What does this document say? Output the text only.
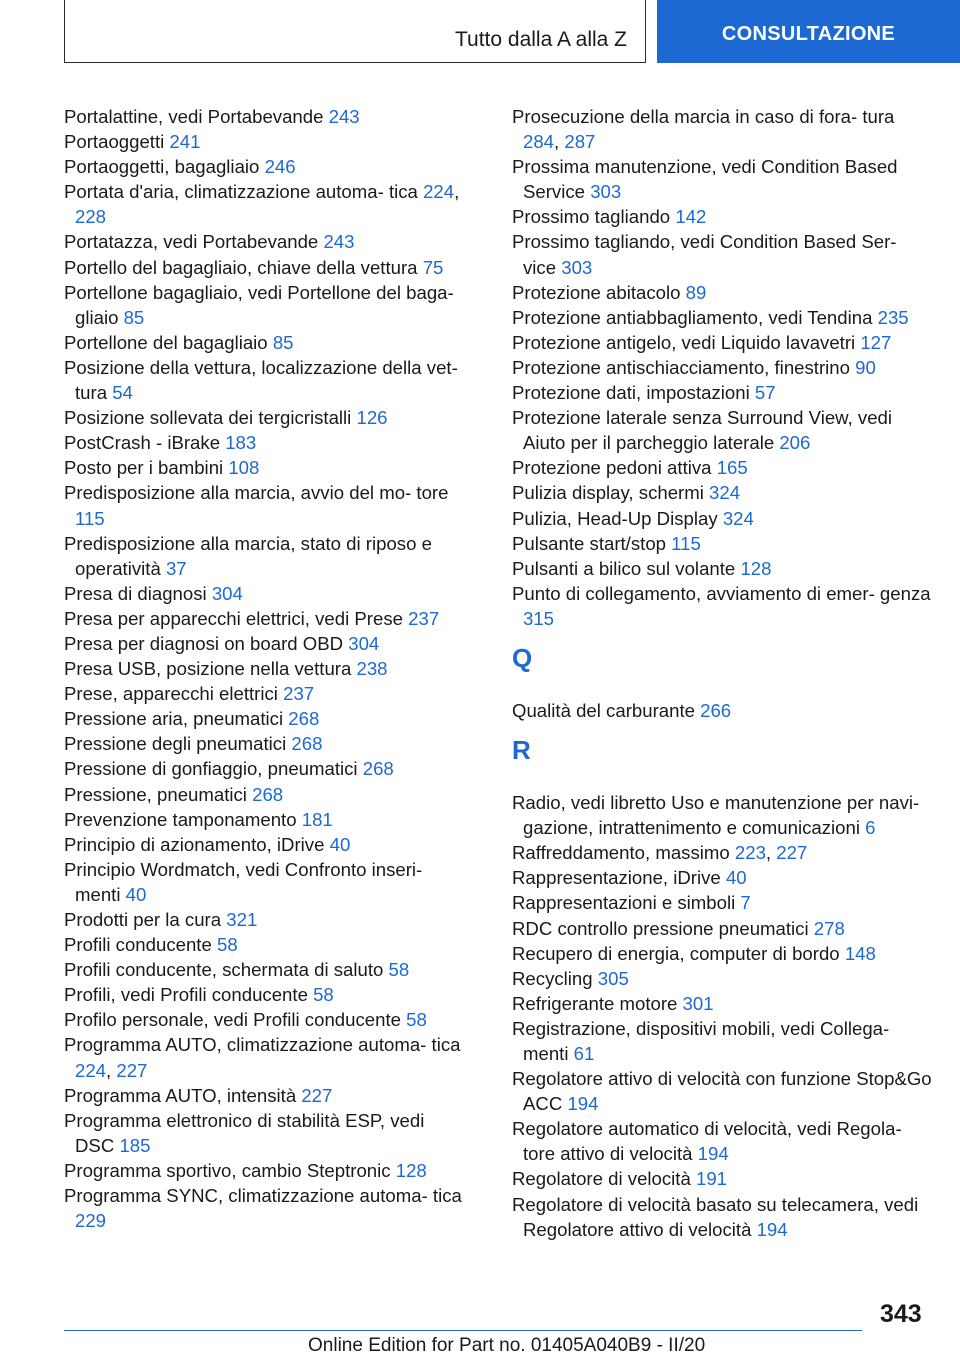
Tutto dalla A alla Z	CONSULTAZIONE
Portalattine, vedi Portabevande 243
Portaoggetti 241
Portaoggetti, bagagliaio 246
Portata d'aria, climatizzazione automa- tica 224, 228
Portatazza, vedi Portabevande 243
Portello del bagagliaio, chiave della vettura 75
Portellone bagagliaio, vedi Portellone del baga- gliaio 85
Portellone del bagagliaio 85
Posizione della vettura, localizzazione della vet- tura 54
Posizione sollevata dei tergicristalli 126
PostCrash - iBrake 183
Posto per i bambini 108
Predisposizione alla marcia, avvio del mo- tore 115
Predisposizione alla marcia, stato di riposo e operatività 37
Presa di diagnosi 304
Presa per apparecchi elettrici, vedi Prese 237
Presa per diagnosi on board OBD 304
Presa USB, posizione nella vettura 238
Prese, apparecchi elettrici 237
Pressione aria, pneumatici 268
Pressione degli pneumatici 268
Pressione di gonfiaggio, pneumatici 268
Pressione, pneumatici 268
Prevenzione tamponamento 181
Principio di azionamento, iDrive 40
Principio Wordmatch, vedi Confronto inseri- menti 40
Prodotti per la cura 321
Profili conducente 58
Profili conducente, schermata di saluto 58
Profili, vedi Profili conducente 58
Profilo personale, vedi Profili conducente 58
Programma AUTO, climatizzazione automa- tica 224, 227
Programma AUTO, intensità 227
Programma elettronico di stabilità ESP, vedi DSC 185
Programma sportivo, cambio Steptronic 128
Programma SYNC, climatizzazione automa- tica 229
Prosecuzione della marcia in caso di fora- tura 284, 287
Prossima manutenzione, vedi Condition Based Service 303
Prossimo tagliando 142
Prossimo tagliando, vedi Condition Based Ser- vice 303
Protezione abitacolo 89
Protezione antiabbagliamento, vedi Tendina 235
Protezione antigelo, vedi Liquido lavavetri 127
Protezione antischiacciamento, finestrino 90
Protezione dati, impostazioni 57
Protezione laterale senza Surround View, vedi Aiuto per il parcheggio laterale 206
Protezione pedoni attiva 165
Pulizia display, schermi 324
Pulizia, Head-Up Display 324
Pulsante start/stop 115
Pulsanti a bilico sul volante 128
Punto di collegamento, avviamento di emer- genza 315
Q
Qualità del carburante 266
R
Radio, vedi libretto Uso e manutenzione per navi- gazione, intrattenimento e comunicazioni 6
Raffreddamento, massimo 223, 227
Rappresentazione, iDrive 40
Rappresentazioni e simboli 7
RDC controllo pressione pneumatici 278
Recupero di energia, computer di bordo 148
Recycling 305
Refrigerante motore 301
Registrazione, dispositivi mobili, vedi Collega- menti 61
Regolatore attivo di velocità con funzione Stop&Go ACC 194
Regolatore automatico di velocità, vedi Regola- tore attivo di velocità 194
Regolatore di velocità 191
Regolatore di velocità basato su telecamera, vedi Regolatore attivo di velocità 194
343
Online Edition for Part no. 01405A040B9 - II/20
